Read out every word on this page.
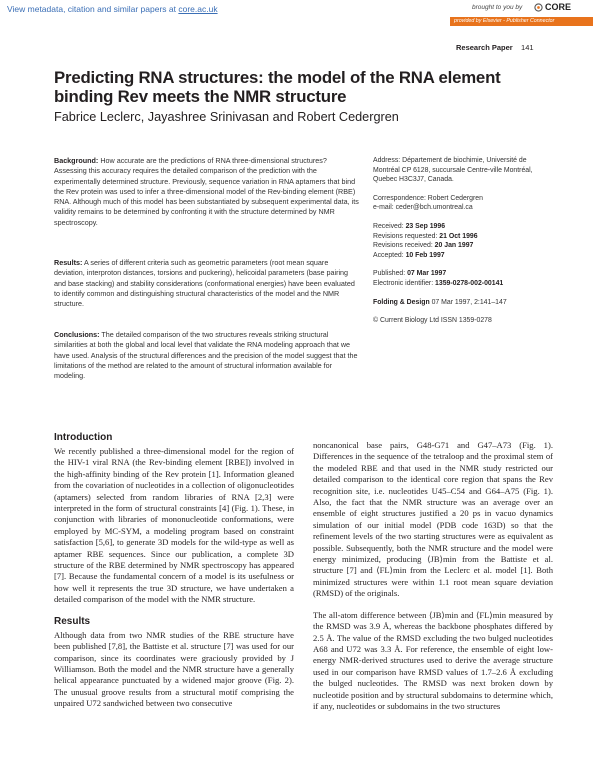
View metadata, citation and similar papers at core.ac.uk	brought to you by	CORE
provided by Elsevier - Publisher Connector
Research Paper 141
Predicting RNA structures: the model of the RNA element binding Rev meets the NMR structure
Fabrice Leclerc, Jayashree Srinivasan and Robert Cedergren
Background: How accurate are the predictions of RNA three-dimensional structures? Assessing this accuracy requires the detailed comparison of the prediction with the experimentally determined structure. Previously, sequence variation in RNA aptamers that bind the Rev protein was used to infer a three-dimensional model of the Rev-binding element (RBE) RNA. Although much of this model has been substantiated by subsequent experimental data, its validity remains to be determined by confronting it with the structure determined by NMR spectroscopy.
Results: A series of different criteria such as geometric parameters (root mean square deviation, interproton distances, torsions and puckering), helicoidal parameters (base pairing and base stacking) and stability considerations (conformational energies) have been evaluated to identify common and distinguishing structural characteristics of the model and the NMR structure.
Conclusions: The detailed comparison of the two structures reveals striking structural similarities at both the global and local level that validate the RNA modeling approach that we have used. Analysis of the structural differences and the precision of the model suggest that the limitations of the method are related to the amount of structural information available for modeling.
Address: Département de biochimie, Université de Montréal CP 6128, succursale Centre-ville Montréal, Quebec H3C3J7, Canada.
Correspondence: Robert Cedergren
e-mail: ceder@bch.umontreal.ca
Received: 23 Sep 1996
Revisions requested: 21 Oct 1996
Revisions received: 20 Jan 1997
Accepted: 10 Feb 1997
Published: 07 Mar 1997
Electronic identifier: 1359-0278-002-00141
Folding & Design 07 Mar 1997, 2:141–147
© Current Biology Ltd ISSN 1359-0278
Introduction

We recently published a three-dimensional model for the region of the HIV-1 viral RNA (the Rev-binding element [RBE]) involved in the high-affinity binding of the Rev protein [1]. Information gleaned from the covariation of nucleotides in a collection of oligonucleotides (aptamers) selected from random libraries of RNA [2,3] were interpreted in the form of structural constraints [4] (Fig. 1). These, in conjunction with libraries of mononucleotide conformations, were employed by MC-SYM, a modeling program based on constraint satisfaction [5,6], to generate 3D models for the wild-type as well as aptamer RBE sequences. Since our publication, a complete 3D structure of the RBE determined by NMR spectroscopy has appeared [7]. Because the fundamental concern of a model is its usefulness or how well it represents the true 3D structure, we have undertaken a detailed comparison of the model with the NMR structure.

Results

Although data from two NMR studies of the RBE structure have been published [7,8], the Battiste et al. structure [7] was used for our comparison, since its coordinates were graciously provided by J Williamson. Both the model and the NMR structure have a generally helical appearance punctuated by a widened major groove (Fig. 2). The unusual groove results from a structural motif comprising the unpaired U72 sandwiched between two consecutive

noncanonical base pairs, G48-G71 and G47–A73 (Fig. 1). Differences in the sequence of the tetraloop and the proximal stem of the modeled RBE and that used in the NMR study restricted our detailed comparison to the identical core region that spans the Rev recognition site, i.e. nucleotides U45–C54 and G64–A75 (Fig. 1). Also, the fact that the NMR structure was an average over an ensemble of eight structures justified a 20 ps in vacuo dynamics simulation of our initial model (PDB code 163D) so that the refinement levels of the two starting structures were as equivalent as possible. Subsequently, both the NMR structure and the model were energy minimized, producing ⟨JB⟩min from the Battiste et al. structure [7] and ⟨FL⟩min from the Leclerc et al. model [1]. Both minimized structures were within 1.1 root mean square deviation (RMSD) of the originals.

The all-atom difference between ⟨JB⟩min and ⟨FL⟩min measured by the RMSD was 3.9 Å, whereas the backbone phosphates differed by 2.5 Å. The value of the RMSD excluding the two bulged nucleotides A68 and U72 was 3.3 Å. For reference, the ensemble of eight low-energy NMR-derived structures used to derive the average structure used in our comparison have RMSD values of 1.7–2.6 Å excluding the bulged nucleotides. The RMSD was next broken down by nucleotide position and by structural subdomains to determine which, if any, nucleotides or subdomains in the two structures
